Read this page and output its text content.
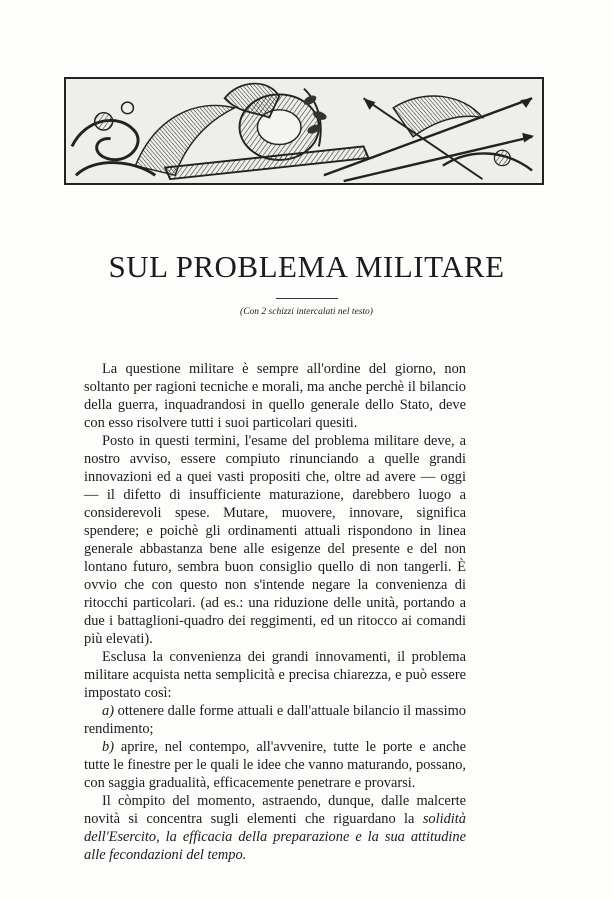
SUL PROBLEMA MILITARE
(Con 2 schizzi intercalati nel testo)

La questione militare è sempre all'ordine del giorno, non soltanto per ragioni tecniche e morali, ma anche perchè il bilancio della guerra, inquadrandosi in quello generale dello Stato, deve con esso risolvere tutti i suoi particolari quesiti.

Posto in questi termini, l'esame del problema militare deve, a nostro avviso, essere compiuto rinunciando a quelle grandi innovazioni ed a quei vasti propositi che, oltre ad avere — oggi — il difetto di insufficiente maturazione, darebbero luogo a considerevoli spese. Mutare, muovere, innovare, significa spendere; e poichè gli ordinamenti attuali rispondono in linea generale abbastanza bene alle esigenze del presente e del non lontano futuro, sembra buon consiglio quello di non tangerli. È ovvio che con questo non s'intende negare la convenienza di ritocchi particolari. (ad es.: una riduzione delle unità, portando a due i battaglioni-quadro dei reggimenti, ed un ritocco ai comandi più elevati).

Esclusa la convenienza dei grandi innovamenti, il problema militare acquista netta semplicità e precisa chiarezza, e può essere impostato così:

a) ottenere dalle forme attuali e dall'attuale bilancio il massimo rendimento;

b) aprire, nel contempo, all'avvenire, tutte le porte e anche tutte le finestre per le quali le idee che vanno maturando, possano, con saggia gradualità, efficacemente penetrare e provarsi.

Il còmpito del momento, astraendo, dunque, dalle malcerte novità si concentra sugli elementi che riguardano la solidità dell'Esercito, la efficacia della preparazione e la sua attitudine alle fecondazioni del tempo.
